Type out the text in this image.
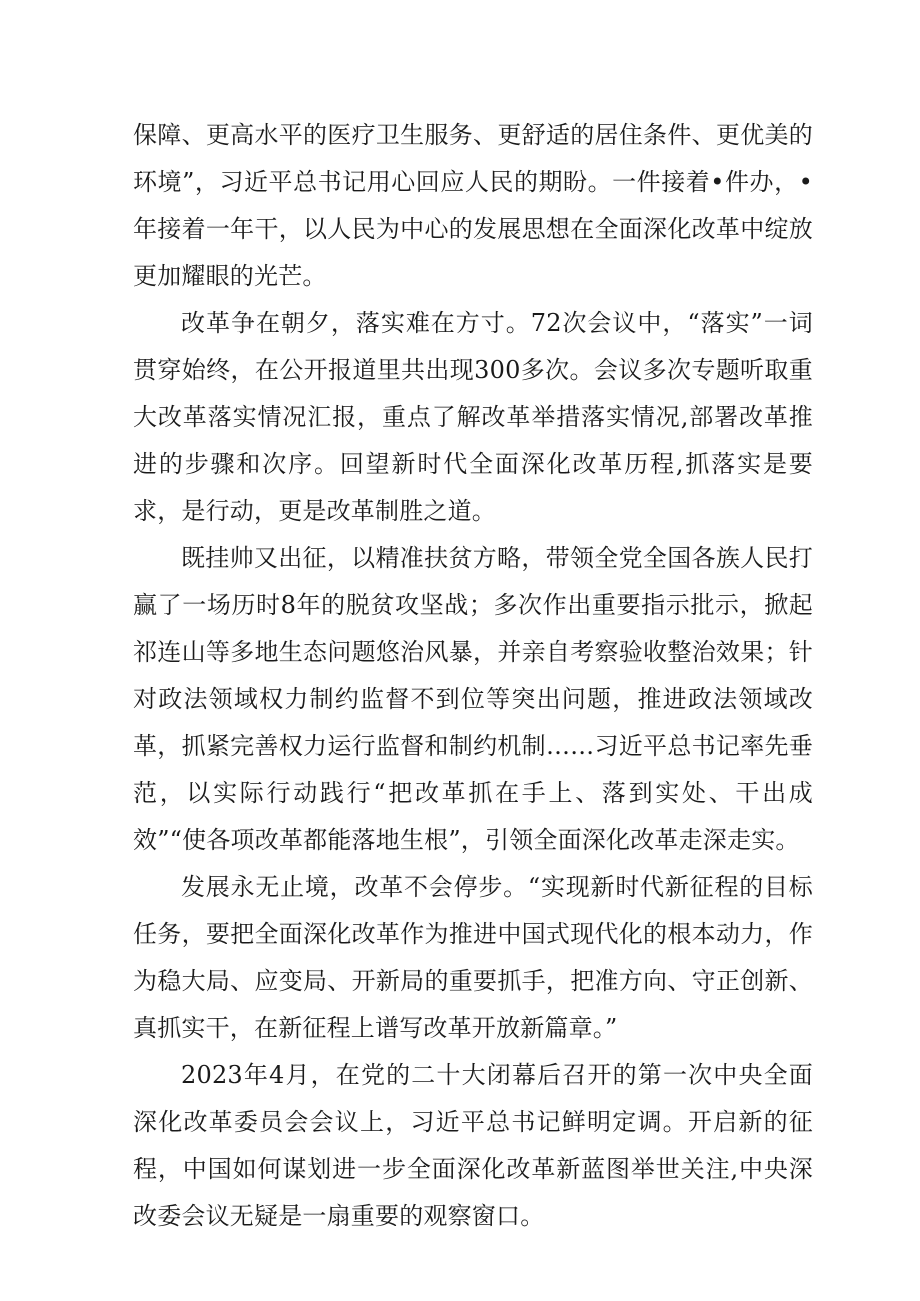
保障、更高水平的医疗卫生服务、更舒适的居住条件、更优美的环境”，习近平总书记用心回应人民的期盼。一件接着•件办，•年接着一年干，以人民为中心的发展思想在全面深化改革中绽放更加耀眼的光芒。

改革争在朝夕，落实难在方寸。72次会议中，“落实”一词贯穿始终，在公开报道里共出现300多次。会议多次专题听取重大改革落实情况汇报，重点了解改革举措落实情况,部署改革推进的步骤和次序。回望新时代全面深化改革历程,抓落实是要求，是行动，更是改革制胜之道。

既挂帅又出征，以精准扶贫方略，带领全党全国各族人民打赢了一场历时8年的脱贫攻坚战；多次作出重要指示批示，掀起祁连山等多地生态问题悠治风暴，并亲自考察验收整治效果；针对政法领域权力制约监督不到位等突出问题，推进政法领域改革，抓紧完善权力运行监督和制约机制……习近平总书记率先垂范，以实际行动践行“把改革抓在手上、落到实处、干出成效”“使各项改革都能落地生根”，引领全面深化改革走深走实。

发展永无止境，改革不会停步。“实现新时代新征程的目标任务，要把全面深化改革作为推进中国式现代化的根本动力，作为稳大局、应变局、开新局的重要抓手，把准方向、守正创新、真抓实干，在新征程上谱写改革开放新篇章。”

2023年4月，在党的二十大闭幕后召开的第一次中央全面深化改革委员会会议上，习近平总书记鲜明定调。开启新的征程，中国如何谋划进一步全面深化改革新蓝图举世关注,中央深改委会议无疑是一扇重要的观察窗口。
